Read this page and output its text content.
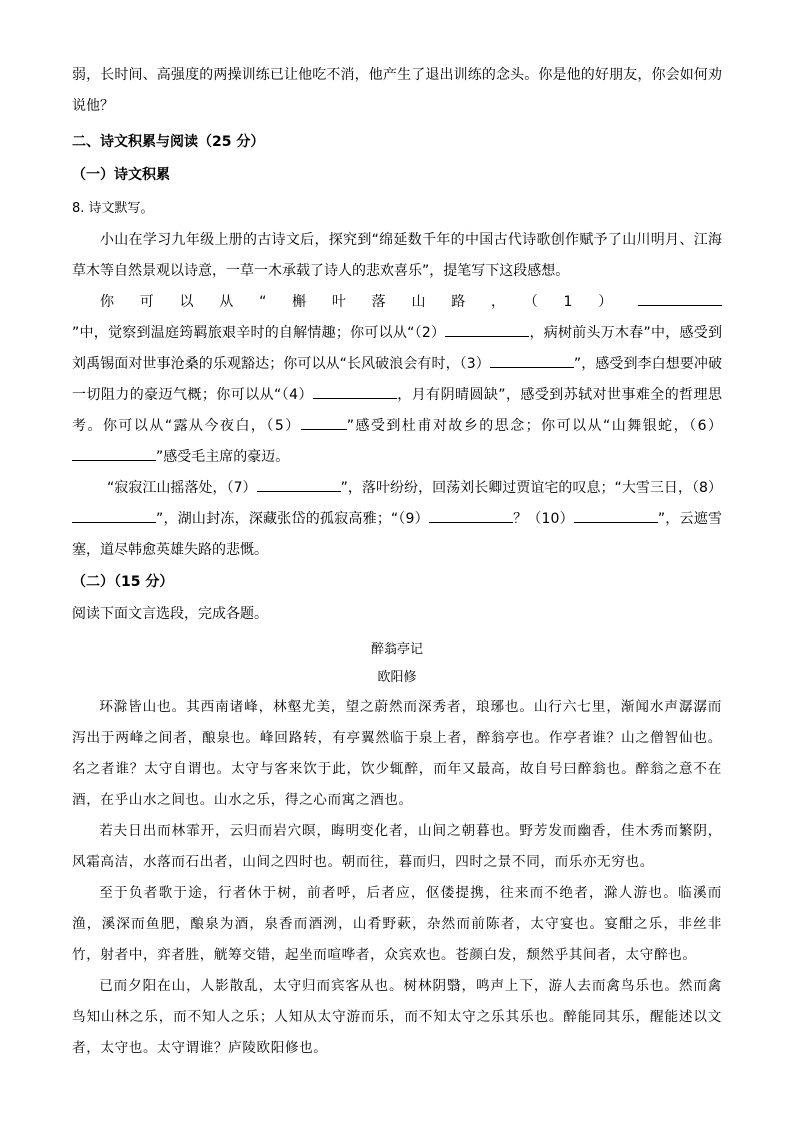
弱，长时间、高强度的两操训练已让他吃不消，他产生了退出训练的念头。你是他的好朋友，你会如何劝说他？

二、诗文积累与阅读（25 分）

（一）诗文积累

8. 诗文默写。

小山在学习九年级上册的古诗文后，探究到“绵延数千年的中国古代诗歌创作赋予了山川明月、江海草木等自然景观以诗意，一草一木承载了诗人的悲欢喜乐”，提笔写下这段感想。

你可以从“槲叶落山路，（1）”中，觉察到温庭筠羁旅艰辛时的自解情趣；你可以从“（2）	，病树前头万木春”中，感受到刘禹锡面对世事沧桑的乐观豁达；你可以从“长风破浪会有时，（3）	”，感受到李白想要冲破一切阻力的豪迈气概；你可以从“（4）	，月有阴晴圆缺”，感受到苏轼对世事难全的哲理思考。你可以从“露从今夜白，（5）	”感受到杜甫对故乡的思念；你可以从“山舞银蛇，（6）”感受毛主席的豪迈。

“寂寂江山摇落处，（7）	”，落叶纷纷，回荡刘长卿过贾谊宅的叹息；“大雪三日，（8）”，湖山封冻，深藏张岱的孤寂高雅；“（9）	？（10）	”，云遮雪塞，道尽韩愈英雄失路的悲慨。

（二）（15 分）

阅读下面文言选段，完成各题。

醉翁亭记

欧阳修

环滁皆山也。其西南诸峰，林壑尤美，望之蔚然而深秀者，琅琊也。山行六七里，渐闻水声潺潺而泻出于两峰之间者，酿泉也。峰回路转，有亭翼然临于泉上者，醉翁亭也。作亭者谁？山之僧智仙也。名之者谁？太守自谓也。太守与客来饮于此，饮少辄醉，而年又最高，故自号曰醉翁也。醉翁之意不在酒，在乎山水之间也。山水之乐，得之心而寓之酒也。

若夫日出而林霏开，云归而岩穴暝，晦明变化者，山间之朝暮也。野芳发而幽香，佳木秀而繁阴，风霜高洁，水落而石出者，山间之四时也。朝而往，暮而归，四时之景不同，而乐亦无穷也。

至于负者歌于途，行者休于树，前者呼，后者应，伛偻提携，往来而不绝者，滁人游也。临溪而渔，溪深而鱼肥，酿泉为酒，泉香而酒洌，山肴野蔌，杂然而前陈者，太守宴也。宴酣之乐，非丝非竹，射者中，弈者胜，觥筹交错，起坐而喧哗者，众宾欢也。苍颜白发，颓然乎其间者，太守醉也。

已而夕阳在山，人影散乱，太守归而宾客从也。树林阴翳，鸣声上下，游人去而禽鸟乐也。然而禽鸟知山林之乐，而不知人之乐；人知从太守游而乐，而不知太守之乐其乐也。醉能同其乐，醒能述以文者，太守也。太守谓谁？庐陵欧阳修也。
